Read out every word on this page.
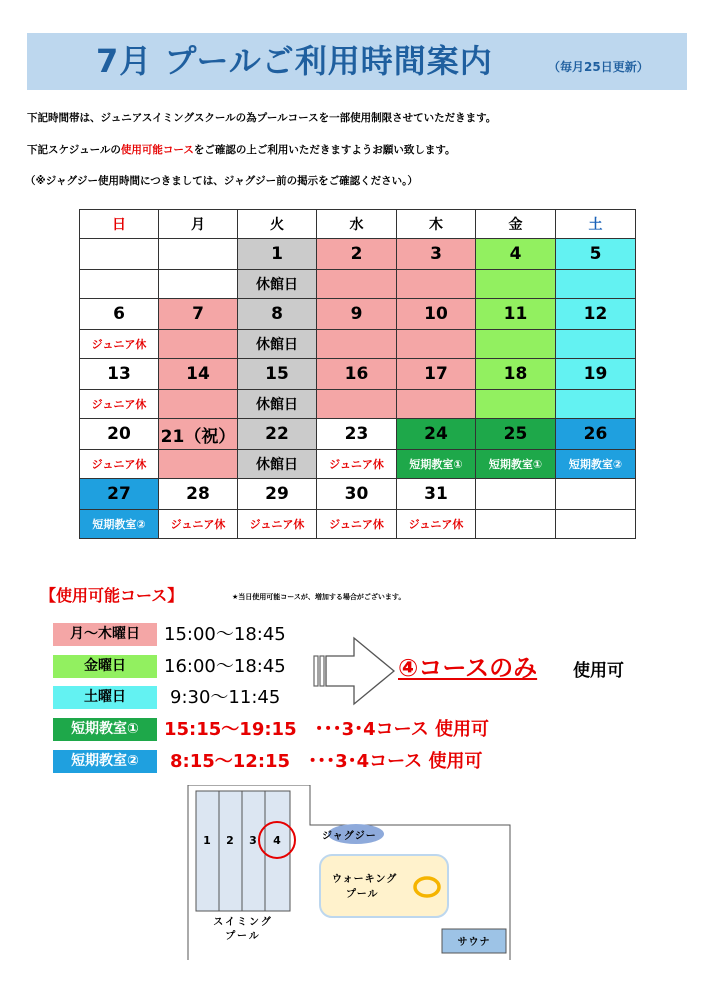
7月 プールご利用時間案内	（毎月25日更新）
下記時間帯は、ジュニアスイミングスクールの為プールコースを一部使用制限させていただきます。
下記スケジュールの使用可能コースをご確認の上ご利用いただきますようお願い致します。
（※ジャグジー使用時間につきましては、ジャグジー前の掲示をご確認ください。）
日	月	火	水	木	金	土
		1	2	3	4	5
		休館日				
6	7	8	9	10	11	12
ジュニア休		休館日				
13	14	15	16	17	18	19
ジュニア休		休館日				
20	21（祝）	22	23	24	25	26
ジュニア休		休館日	ジュニア休	短期教室①	短期教室①	短期教室②
27	28	29	30	31		
短期教室②	ジュニア休	ジュニア休	ジュニア休	ジュニア休		
【使用可能コース】	★当日使用可能コースが、増加する場合がございます。
月～木曜日	15:00～18:45
金曜日	16:00～18:45
土曜日	9:30～11:45
短期教室①	15:15～19:15　･･･3･4コース 使用可
短期教室②	8:15～12:15　･･･3･4コース 使用可
④コースのみ 使用可
1 2 3 4
スイミング
プール
ジャグジー
ウォーキング
プール
サウナ
